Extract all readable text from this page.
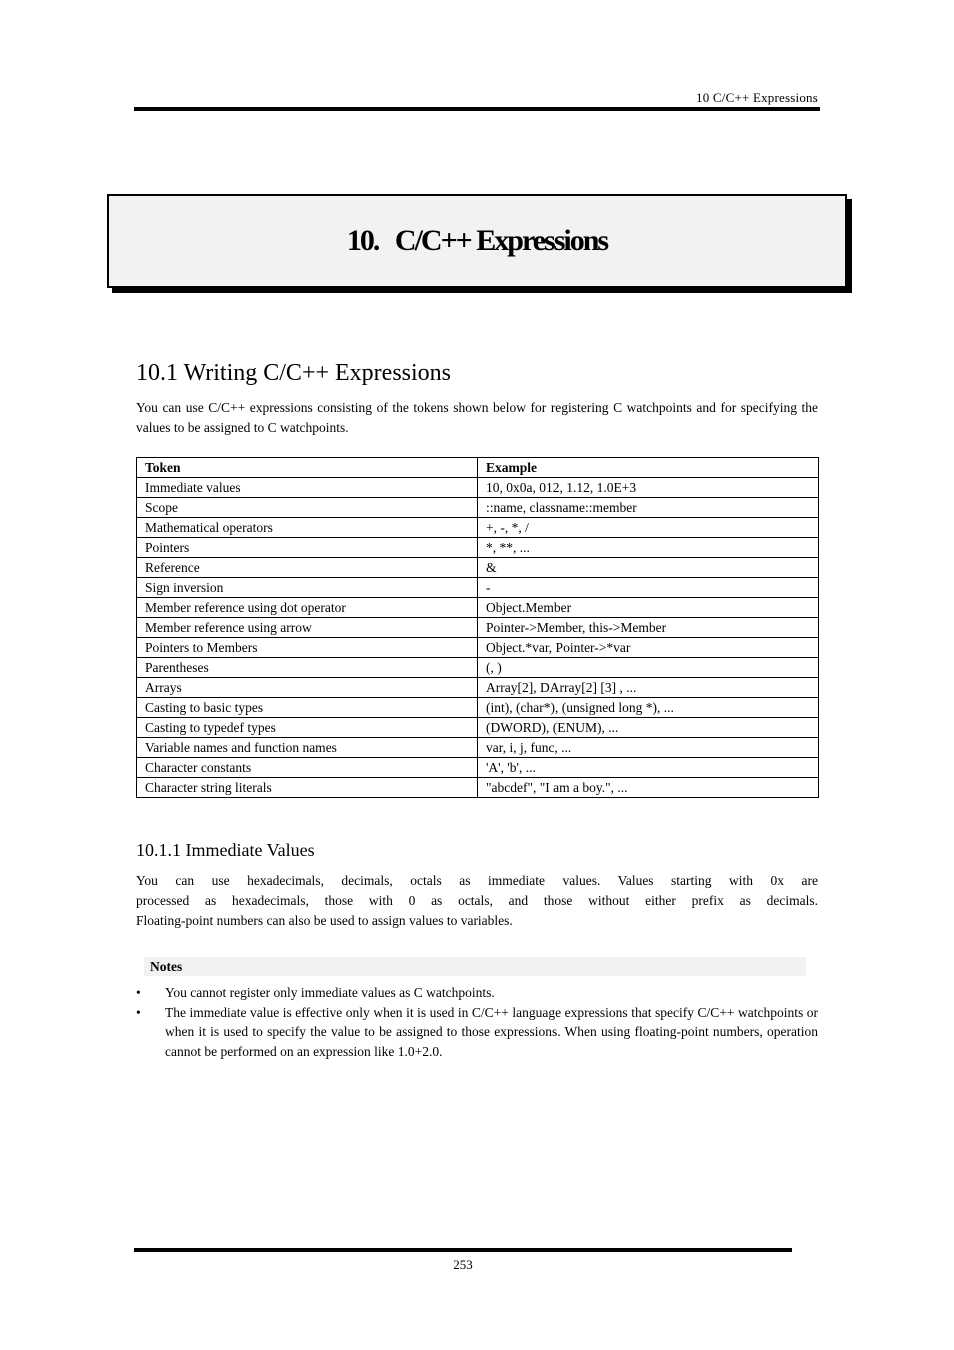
10 C/C++ Expressions
10.   C/C++ Expressions
10.1 Writing C/C++ Expressions

You can use C/C++ expressions consisting of the tokens shown below for registering C watchpoints and for specifying the values to be assigned to C watchpoints.

Token	Example
Immediate values	10, 0x0a, 012, 1.12, 1.0E+3
Scope	::name, classname::member
Mathematical operators	+, -, *, /
Pointers	*, **, ...
Reference	&
Sign inversion	-
Member reference using dot operator	Object.Member
Member reference using arrow	Pointer->Member, this->Member
Pointers to Members	Object.*var, Pointer->*var
Parentheses	(, )
Arrays	Array[2], DArray[2] [3] , ...
Casting to basic types	(int), (char*), (unsigned long *), ...
Casting to typedef types	(DWORD), (ENUM), ...
Variable names and function names	var, i, j, func, ...
Character constants	'A', 'b', ...
Character string literals	"abcdef", "I am a boy.", ...
10.1.1 Immediate Values

You can use hexadecimals, decimals, octals as immediate values. Values starting with 0x are
processed as hexadecimals, those with 0 as octals, and those without either prefix as decimals.
Floating-point numbers can also be used to assign values to variables.

Notes
• You cannot register only immediate values as C watchpoints.
• The immediate value is effective only when it is used in C/C++ language expressions that specify C/C++ watchpoints or when it is used to specify the value to be assigned to those expressions. When using floating-point numbers, operation cannot be performed on an expression like 1.0+2.0.
253
